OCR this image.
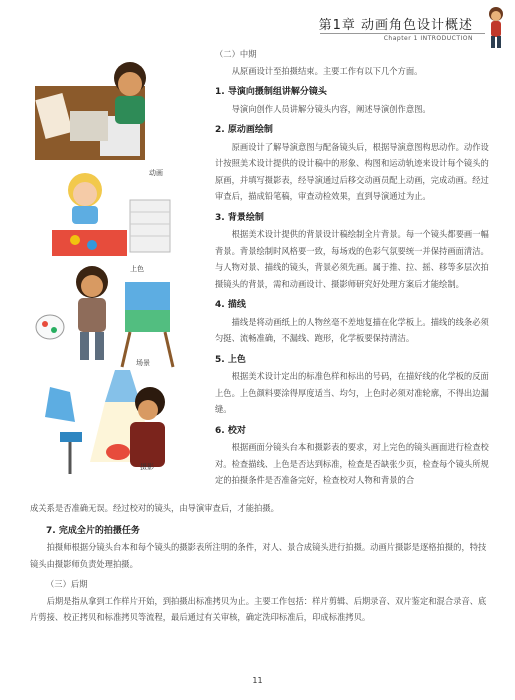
第1章 动画角色设计概述
Chapter 1 INTRODUCTION
动画
上色
场景
摄影
（二）中期

从原画设计至拍摄结束。主要工作有以下几个方面。

1. 导演向摄制组讲解分镜头

导演向创作人员讲解分镜头内容，阐述导演创作意图。

2. 原动画绘制

原画设计了解导演意图与配备镜头后，根据导演意图构思动作。动作设计按照美术设计提供的设计稿中的形象、构图和运动轨迹来设计每个镜头的原画，并填写摄影表，经导演通过后移交动画员配上动画，完成动画。经过审查后，描成铅笔稿，审查动检效果，直到导演通过为止。

3. 背景绘制

根据美术设计提供的背景设计稿绘制全片背景。每一个镜头都要画一幅背景。背景绘制时风格要一致，每场戏的色彩气氛要统一并保持画面清洁。与人物对景、描线的镜头，背景必须先画。属于推、拉、摇、移等多层次拍摄镜头的背景，需和动画设计、摄影师研究好处理方案后才能绘制。

4. 描线

描线是将动画纸上的人物丝毫不差地复描在化学板上。描线的线条必须匀挺、流畅准确，不漏线、跑形，化学板要保持清洁。

5. 上色

根据美术设计定出的标准色样和标出的号码，在描好线的化学板的反面上色。上色颜料要涂得厚度适当、均匀，上色时必须对准轮廓，不得出边漏缝。

6. 校对

根据画面分镜头台本和摄影表的要求，对上完色的镜头画面进行检查校对。检查描线、上色是否达到标准，检查是否缺张少页，检查每个镜头所规定的拍摄条件是否准备完好，检查校对人物和背景的合

成关系是否准确无误。经过校对的镜头，由导演审查后，才能拍摄。
7. 完成全片的拍摄任务

拍摄师根据分镜头台本和每个镜头的摄影表所注明的条件，对人、景合成镜头进行拍摄。动画片摄影是逐格拍摄的，特技镜头由摄影师负责处理拍摄。

（三）后期

后期是指从拿到工作样片开始，到拍摄出标准拷贝为止。主要工作包括：样片剪辑、后期录音、双片鉴定和混合录音、底片剪接、校正拷贝和标准拷贝等流程，最后通过有关审核，确定洗印标准后，印成标准拷贝。

11
